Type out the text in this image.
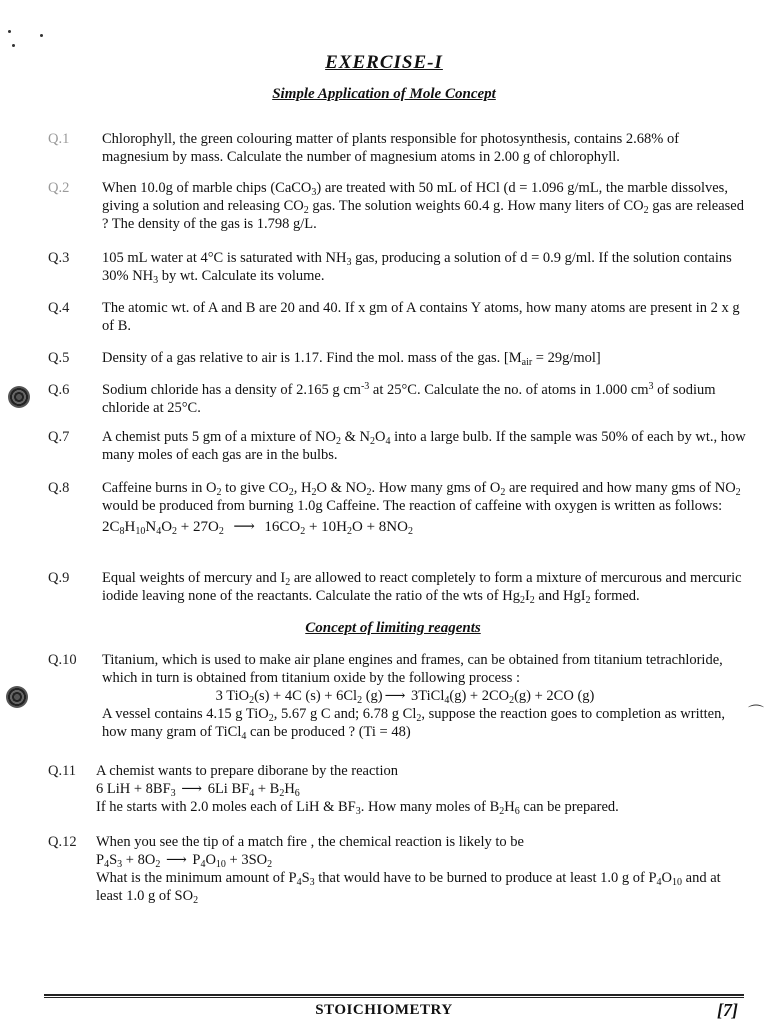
⌒
EXERCISE-I
Simple Application of Mole Concept
Q.1	Chlorophyll, the green colouring matter of plants responsible for photosynthesis, contains 2.68% of magnesium by mass. Calculate the number of magnesium atoms in 2.00 g of chlorophyll.
Q.2	When 10.0g of marble chips (CaCO$_3$) are treated with 50 mL of HCl (d = 1.096 g/mL, the marble dissolves, giving a solution and releasing $CO_2$ gas. The solution weights 60.4 g. How many liters of $CO_2$ gas are released ? The density of the gas is 1.798 g/L.
Q.3	105 mL water at 4°C is saturated with $NH_3$ gas, producing a solution of d = 0.9 g/ml. If the solution contains 30% $NH_3$ by wt. Calculate its volume.
Q.4	The atomic wt. of A and B are 20 and 40. If x gm of A contains Y atoms, how many atoms are present in 2 x g of B.
Q.5	Density of a gas relative to air is 1.17. Find the mol. mass of the gas. $[M_{air} = 29g/mol]$
Q.6	Sodium chloride has a density of 2.165 g $cm^{-3}$ at 25°C. Calculate the no. of atoms in 1.000 $cm^3$ of sodium chloride at 25°C.
Q.7	A chemist puts 5 gm of a mixture of $NO_2$ & $N_2O_4$ into a large bulb. If the sample was 50% of each by wt., how many moles of each gas are in the bulbs.
Q.8	Caffeine burns in $O_2$ to give $CO_2$, $H_2O$ & $NO_2$. How many gms of $O_2$ are required and how many gms of $NO_2$ would be produced from burning 1.0g Caffeine. The reaction of caffeine with oxygen is written as follows:
$2C_8H_{10}N_4O_2 + 27O_2$ ⟶  $16CO_2 + 10H_2O + 8NO_2$
Q.9	Equal weights of mercury and $I_2$ are allowed to react completely to form a mixture of mercurous and mercuric iodide leaving none of the reactants. Calculate the ratio of the wts of $Hg_2I_2$ and HgI$_2$ formed.
Concept of limiting reagents
Q.10	Titanium, which is used to make air plane engines and frames, can be obtained from titanium tetrachloride, which in turn is obtained from titanium oxide by the following process :
3 TiO$_2$(s) + 4C $(s) + 6Cl_2$ (g) ⟶ 3TiCl$_4$(g) + $2CO_2(g) + 2CO$ (g)
A vessel contains 4.15 g TiO$_2$, 5.67 g C and; 6.78 g $Cl_2$, suppose the reaction goes to completion as written, how many gram of TiCl$_4$ can be produced ? (Ti = 48)
Q.11	A chemist wants to prepare diborane by the reaction
6 LiH + $8BF_3$ ⟶ 6Li $BF_4 + B_2H_6$
If he starts with 2.0 moles each of LiH & $BF_3$. How many moles of $B_2H_6$ can be prepared.
Q.12	When you see the tip of a match fire , the chemical reaction is likely to be
$P_4S_3 + 8O_2$ ⟶ $P_4O_{10} + 3SO_2$
What is the minimum amount of $P_4S_3$ that would have to be burned to produce at least 1.0 g of $P_4O_{10}$ and at least 1.0 g of $SO_2$
STOICHIOMETRY	[7]
